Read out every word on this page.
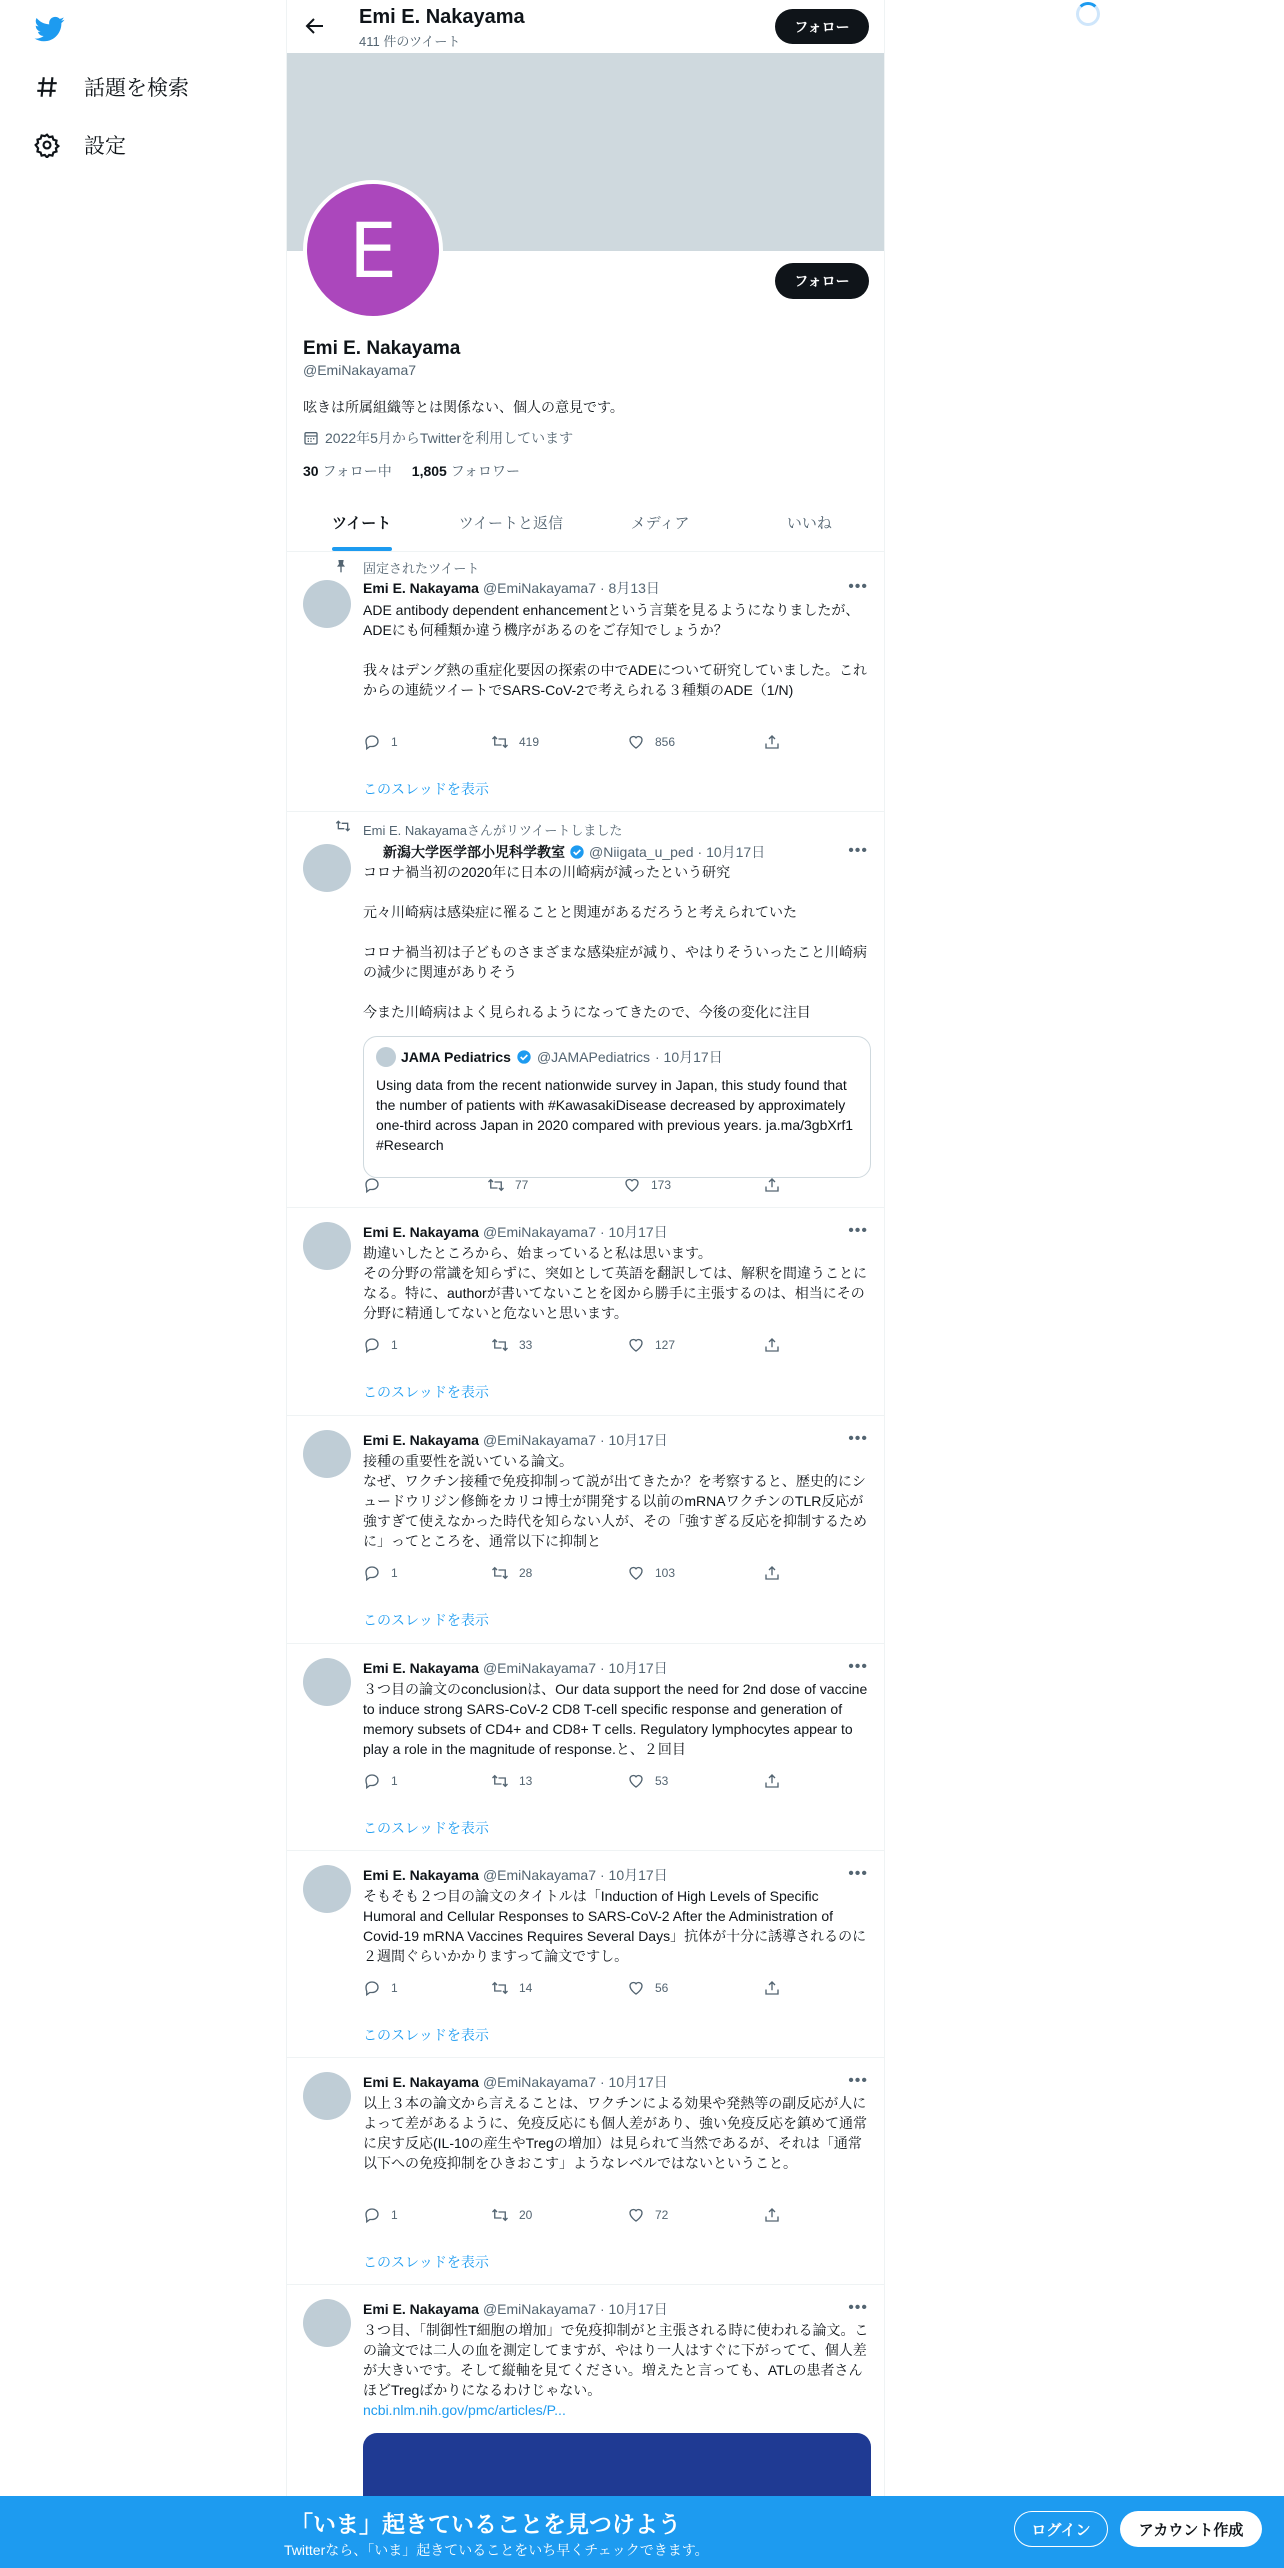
話題を検索
設定
Emi E. Nakayama
411 件のツイート
フォロー
E	フォロー
Emi E. Nakayama
@EmiNakayama7
呟きは所属組織等とは関係ない、個人の意見です。
2022年5月からTwitterを利用しています
30 フォロー中 1,805 フォロワー
ツイート	ツイートと返信	メディア	いいね
固定されたツイート
Emi E. Nakayama @EmiNakayama7 · 8月13日	•••
ADE antibody dependent enhancementという言葉を見るようになりましたが、ADEにも何種類か違う機序があるのをご存知でしょうか？

我々はデング熱の重症化要因の探索の中でADEについて研究していました。これからの連続ツイートでSARS-CoV-2で考えられる３種類のADE（1/N)
1	419	856
このスレッドを表示
Emi E. Nakayamaさんがリツイートしました
新潟大学医学部小児科学教室 @Niigata_u_ped · 10月17日	•••
コロナ禍当初の2020年に日本の川崎病が減ったという研究

元々川崎病は感染症に罹ることと関連があるだろうと考えられていた

コロナ禍当初は子どものさまざまな感染症が減り、やはりそういったこと川崎病の減少に関連がありそう

今また川崎病はよく見られるようになってきたので、今後の変化に注目
JAMA Pediatrics @JAMAPediatrics · 10月17日
Using data from the recent nationwide survey in Japan, this study found that the number of patients with #KawasakiDisease decreased by approximately one-third across Japan in 2020 compared with previous years. ja.ma/3gbXrf1 #Research
77	173
Emi E. Nakayama @EmiNakayama7 · 10月17日	•••
勘違いしたところから、始まっていると私は思います。
その分野の常識を知らずに、突如として英語を翻訳しては、解釈を間違うことになる。特に、authorが書いてないことを図から勝手に主張するのは、相当にその分野に精通してないと危ないと思います。
1	33	127
このスレッドを表示
Emi E. Nakayama @EmiNakayama7 · 10月17日	•••
接種の重要性を説いている論文。
なぜ、ワクチン接種で免疫抑制って説が出てきたか？を考察すると、歴史的にシュードウリジン修飾をカリコ博士が開発する以前のmRNAワクチンのTLR反応が強すぎて使えなかった時代を知らない人が、その「強すぎる反応を抑制するために」ってところを、通常以下に抑制と
1	28	103
このスレッドを表示
Emi E. Nakayama @EmiNakayama7 · 10月17日	•••
３つ目の論文のconclusionは、Our data support the need for 2nd dose of vaccine to induce strong SARS-CoV-2 CD8 T-cell specific response and generation of memory subsets of CD4+ and CD8+ T cells. Regulatory lymphocytes appear to play a role in the magnitude of response.と、２回目
1	13	53
このスレッドを表示
Emi E. Nakayama @EmiNakayama7 · 10月17日	•••
そもそも２つ目の論文のタイトルは「Induction of High Levels of Specific Humoral and Cellular Responses to SARS-CoV-2 After the Administration of Covid-19 mRNA Vaccines Requires Several Days」抗体が十分に誘導されるのに２週間ぐらいかかりますって論文ですし。
1	14	56
このスレッドを表示
Emi E. Nakayama @EmiNakayama7 · 10月17日	•••
以上３本の論文から言えることは、ワクチンによる効果や発熱等の副反応が人によって差があるように、免疫反応にも個人差があり、強い免疫反応を鎮めて通常に戻す反応(IL-10の産生やTregの増加）は見られて当然であるが、それは「通常以下への免疫抑制をひきおこす」ようなレベルではないということ。
1	20	72
このスレッドを表示
Emi E. Nakayama @EmiNakayama7 · 10月17日	•••
３つ目、「制御性T細胞の増加」で免疫抑制がと主張される時に使われる論文。この論文では二人の血を測定してますが、やはり一人はすぐに下がってて、個人差が大きいです。そして縦軸を見てください。増えたと言っても、ATLの患者さんほどTregばかりになるわけじゃない。
ncbi.nlm.nih.gov/pmc/articles/P...
「いま」起きていることを見つけよう
Twitterなら、「いま」起きていることをいち早くチェックできます。
ログイン	アカウント作成
